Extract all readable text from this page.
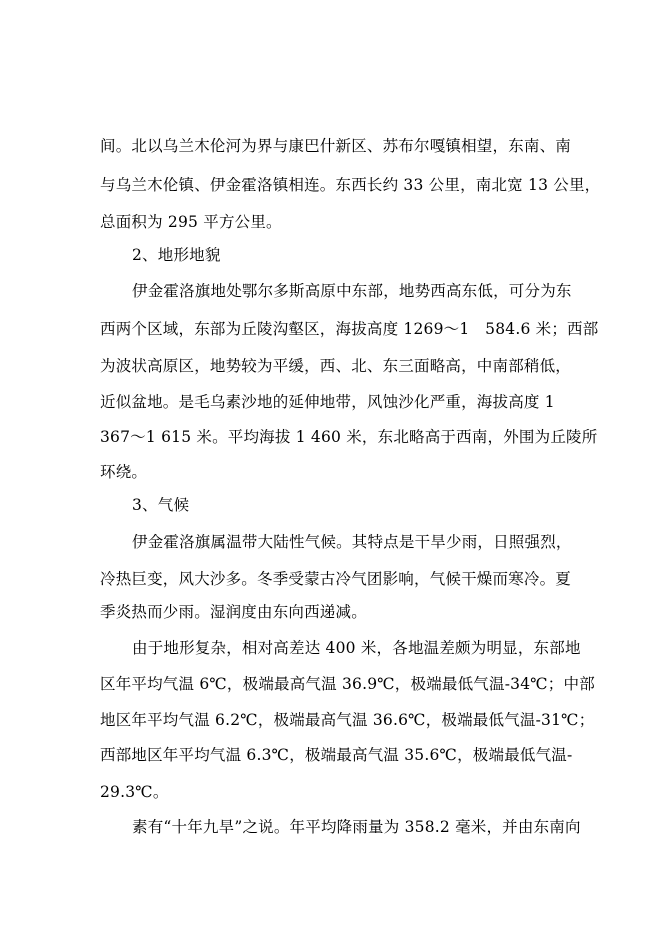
间。北以乌兰木伦河为界与康巴什新区、苏布尔嘎镇相望，东南、南
与乌兰木伦镇、伊金霍洛镇相连。东西长约 33 公里，南北宽 13 公里，
总面积为 295 平方公里。
2、地形地貌
伊金霍洛旗地处鄂尔多斯高原中东部，地势西高东低，可分为东
西两个区域，东部为丘陵沟壑区，海拔高度 1269～1　584.6 米；西部
为波状高原区，地势较为平缓，西、北、东三面略高，中南部稍低，
近似盆地。是毛乌素沙地的延伸地带，风蚀沙化严重，海拔高度 1
367～1 615 米。平均海拔 1 460 米，东北略高于西南，外围为丘陵所
环绕。
3、气候
伊金霍洛旗属温带大陆性气候。其特点是干旱少雨，日照强烈，
冷热巨变，风大沙多。冬季受蒙古冷气团影响，气候干燥而寒冷。夏
季炎热而少雨。湿润度由东向西递减。
由于地形复杂，相对高差达 400 米，各地温差颇为明显，东部地
区年平均气温 6℃，极端最高气温 36.9℃，极端最低气温-34℃；中部
地区年平均气温 6.2℃，极端最高气温 36.6℃，极端最低气温-31℃；
西部地区年平均气温 6.3℃，极端最高气温 35.6℃，极端最低气温-
29.3℃。
素有“十年九旱”之说。年平均降雨量为 358.2 毫米，并由东南向
